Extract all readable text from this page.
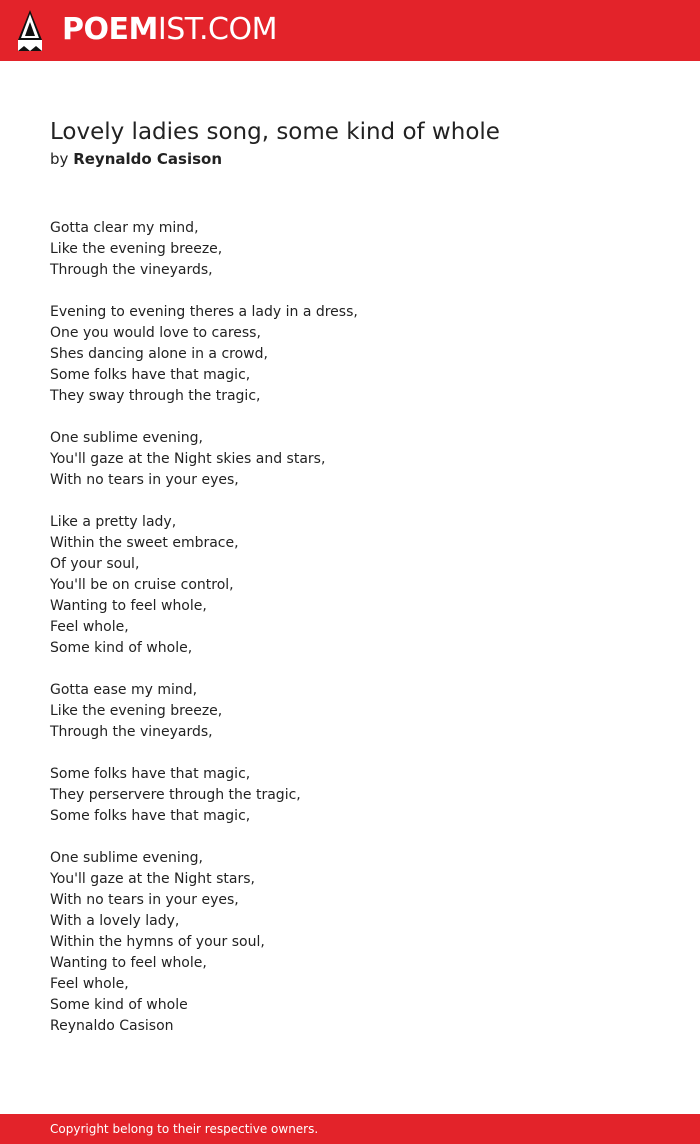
POEMIST.COM
Lovely ladies song, some kind of whole
by Reynaldo Casison
Gotta clear my mind,
Like the evening breeze,
Through the vineyards,
Evening to evening theres a lady in a dress,
One you would love to caress,
Shes dancing alone in a crowd,
Some folks have that magic,
They sway through the tragic,
One sublime evening,
You'll gaze at the Night skies and stars,
With no tears in your eyes,
Like a pretty lady,
Within the sweet embrace,
Of your soul,
You'll be on cruise control,
Wanting to feel whole,
Feel whole,
Some kind of whole,
Gotta ease my mind,
Like the evening breeze,
Through the vineyards,
Some folks have that magic,
They perservere through the tragic,
Some folks have that magic,
One sublime evening,
You'll gaze at the Night stars,
With no tears in your eyes,
With a lovely lady,
Within the hymns of your soul,
Wanting to feel whole,
Feel whole,
Some kind of whole
Reynaldo Casison
Copyright belong to their respective owners.
